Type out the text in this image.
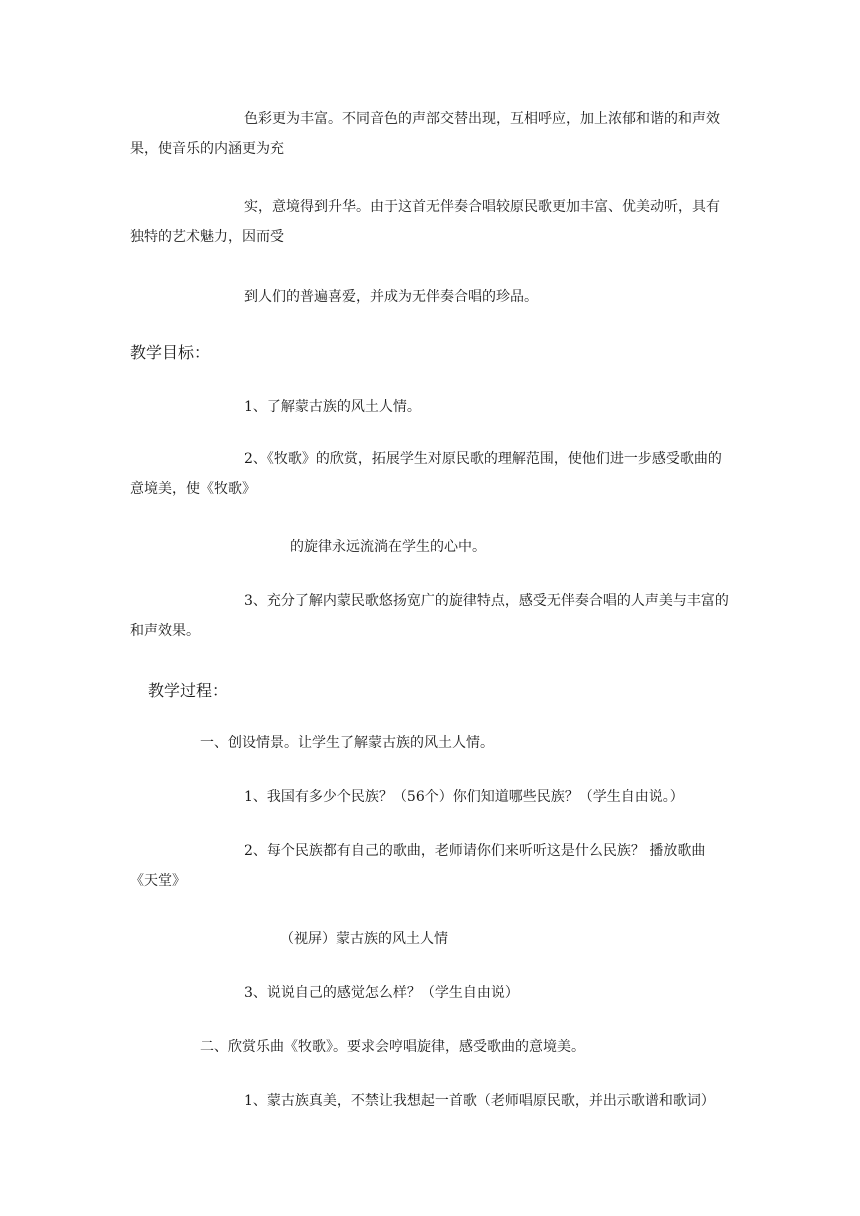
色彩更为丰富。不同音色的声部交替出现，互相呼应，加上浓郁和谐的和声效果，使音乐的内涵更为充

实，意境得到升华。由于这首无伴奏合唱较原民歌更加丰富、优美动听，具有独特的艺术魅力，因而受

到人们的普遍喜爱，并成为无伴奏合唱的珍品。

教学目标：

1、了解蒙古族的风土人情。

2、《牧歌》的欣赏，拓展学生对原民歌的理解范围，使他们进一步感受歌曲的意境美，使《牧歌》

的旋律永远流淌在学生的心中。

3、充分了解内蒙民歌悠扬宽广的旋律特点，感受无伴奏合唱的人声美与丰富的和声效果。

教学过程：

一、创设情景。让学生了解蒙古族的风土人情。

1、我国有多少个民族？（56个）你们知道哪些民族？（学生自由说。）

2、每个民族都有自己的歌曲，老师请你们来听听这是什么民族？ 播放歌曲《天堂》

（视屏）蒙古族的风土人情

3、说说自己的感觉怎么样？（学生自由说）

二、欣赏乐曲《牧歌》。要求会哼唱旋律，感受歌曲的意境美。

1、蒙古族真美，不禁让我想起一首歌（老师唱原民歌，并出示歌谱和歌词）
